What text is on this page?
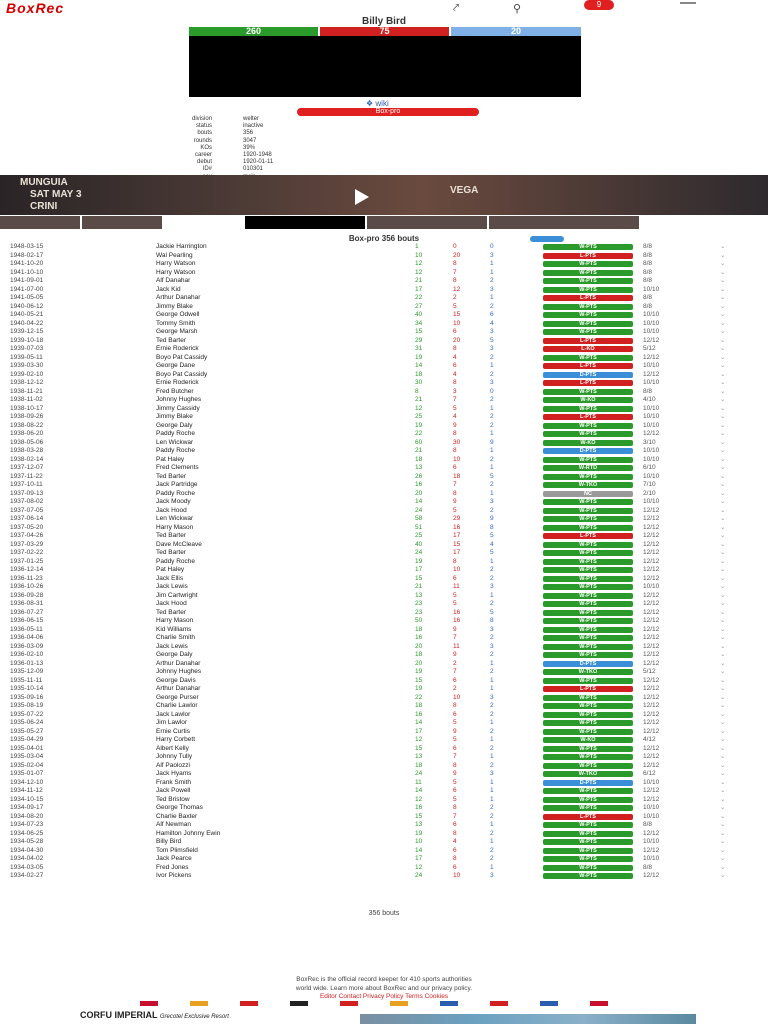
BoxRec	⤤	⚲	9
Billy Bird
260	75	20
❖ wiki
Box-pro
division	welter
status	inactive
bouts	356
rounds	3047
KOs	39%
career	1920-1948
debut	1920-01-11
ID#	010301
MUNGUIA
SAT MAY 3
CRINI
VEGA
Box-pro 356 bouts
1948-03-15	Jackie Harrington	1	0	0	W-PTS	8/8	⌄
1948-02-17	Wal Pearling	10	20	3	L-PTS	8/8	⌄
1941-10-20	Harry Watson	12	8	1	W-PTS	8/8	⌄
1941-10-10	Harry Watson	12	7	1	W-PTS	8/8	⌄
1941-09-01	Alf Danahar	21	8	2	W-PTS	8/8	⌄
1941-07-00	Jack Kid	17	12	3	W-PTS	10/10	⌄
1941-05-05	Arthur Danahar	22	2	1	L-PTS	8/8	⌄
1940-06-12	Jimmy Blake	27	5	2	W-PTS	8/8	⌄
1940-05-21	George Odwell	40	15	6	W-PTS	10/10	⌄
1940-04-22	Tommy Smith	34	10	4	W-PTS	10/10	⌄
1939-12-15	George Marsh	15	6	3	W-PTS	10/10	⌄
1939-10-18	Ted Barter	29	20	5	L-PTS	12/12	⌄
1939-07-03	Ernie Roderick	31	8	3	L-KO	5/12	⌄
1939-05-11	Boyo Pat Cassidy	19	4	2	W-PTS	12/12	⌄
1939-03-30	George Dane	14	6	1	L-PTS	10/10	⌄
1939-02-10	Boyo Pat Cassidy	18	4	2	D-PTS	12/12	⌄
1938-12-12	Ernie Roderick	30	8	3	L-PTS	10/10	⌄
1938-11-21	Fred Butcher	8	3	0	W-PTS	8/8	⌄
1938-11-02	Johnny Hughes	21	7	2	W-KO	4/10	⌄
1938-10-17	Jimmy Cassidy	12	5	1	W-PTS	10/10	⌄
1938-09-26	Jimmy Blake	25	4	2	L-PTS	10/10	⌄
1938-08-22	George Daly	19	9	2	W-PTS	10/10	⌄
1938-06-20	Paddy Roche	22	8	1	W-PTS	12/12	⌄
1938-05-06	Len Wickwar	60	30	9	W-KO	3/10	⌄
1938-03-28	Paddy Roche	21	8	1	D-PTS	10/10	⌄
1938-02-14	Pat Haley	18	10	2	W-PTS	10/10	⌄
1937-12-07	Fred Clements	13	6	1	W-RTD	6/10	⌄
1937-11-22	Ted Barter	26	18	5	W-PTS	10/10	⌄
1937-10-11	Jack Partridge	16	7	2	W-TKO	7/10	⌄
1937-09-13	Paddy Roche	20	8	1	NC	2/10	⌄
1937-08-02	Jack Moody	14	9	3	W-PTS	10/10	⌄
1937-07-05	Jack Hood	24	5	2	W-PTS	12/12	⌄
1937-06-14	Len Wickwar	58	29	9	W-PTS	12/12	⌄
1937-05-20	Harry Mason	51	16	8	W-PTS	12/12	⌄
1937-04-26	Ted Barter	25	17	5	L-PTS	12/12	⌄
1937-03-29	Dave McCleave	40	15	4	W-PTS	12/12	⌄
1937-02-22	Ted Barter	24	17	5	W-PTS	12/12	⌄
1937-01-25	Paddy Roche	19	8	1	W-PTS	12/12	⌄
1936-12-14	Pat Haley	17	10	2	W-PTS	12/12	⌄
1936-11-23	Jack Ellis	15	6	2	W-PTS	12/12	⌄
1936-10-26	Jack Lewis	21	11	3	W-PTS	10/10	⌄
1936-09-28	Jim Cartwright	13	5	1	W-PTS	12/12	⌄
1936-08-31	Jack Hood	23	5	2	W-PTS	12/12	⌄
1936-07-27	Ted Barter	23	16	5	W-PTS	12/12	⌄
1936-06-15	Harry Mason	50	16	8	W-PTS	12/12	⌄
1936-05-11	Kid Williams	18	9	3	W-PTS	12/12	⌄
1936-04-06	Charlie Smith	16	7	2	W-PTS	12/12	⌄
1936-03-09	Jack Lewis	20	11	3	W-PTS	12/12	⌄
1936-02-10	George Daly	18	9	2	W-PTS	12/12	⌄
1936-01-13	Arthur Danahar	20	2	1	D-PTS	12/12	⌄
1935-12-09	Johnny Hughes	19	7	2	W-TKO	5/12	⌄
1935-11-11	George Davis	15	6	1	W-PTS	12/12	⌄
1935-10-14	Arthur Danahar	19	2	1	L-PTS	12/12	⌄
1935-09-16	George Purser	22	10	3	W-PTS	12/12	⌄
1935-08-19	Charlie Lawlor	18	8	2	W-PTS	12/12	⌄
1935-07-22	Jack Lawlor	16	6	2	W-PTS	12/12	⌄
1935-06-24	Jim Lawlor	14	5	1	W-PTS	12/12	⌄
1935-05-27	Ernie Curtis	17	9	2	W-PTS	12/12	⌄
1935-04-29	Harry Corbett	12	5	1	W-KO	4/12	⌄
1935-04-01	Albert Kelly	15	6	2	W-PTS	12/12	⌄
1935-03-04	Johnny Tully	13	7	1	W-PTS	12/12	⌄
1935-02-04	Alf Paolozzi	18	8	2	W-PTS	12/12	⌄
1935-01-07	Jack Hyams	24	9	3	W-TKO	6/12	⌄
1934-12-10	Frank Smith	11	5	1	D-PTS	10/10	⌄
1934-11-12	Jack Powell	14	6	1	W-PTS	12/12	⌄
1934-10-15	Ted Bristow	12	5	1	W-PTS	12/12	⌄
1934-09-17	George Thomas	16	8	2	W-PTS	10/10	⌄
1934-08-20	Charlie Baxter	15	7	2	L-PTS	10/10	⌄
1934-07-23	Alf Newman	13	6	1	W-PTS	8/8	⌄
1934-06-25	Hamilton Johnny Ewin	19	8	2	W-PTS	12/12	⌄
1934-05-28	Billy Bird	10	4	1	W-PTS	10/10	⌄
1934-04-30	Tom Plimsfield	14	6	2	W-PTS	12/12	⌄
1934-04-02	Jack Pearce	17	8	2	W-PTS	10/10	⌄
1934-03-05	Fred Jones	12	6	1	W-PTS	8/8	⌄
1934-02-27	Ivor Pickens	24	10	3	W-PTS	12/12	⌄
356 bouts
BoxRec is the official record keeper for 410 sports authorities
world wide. Learn more about BoxRec and our privacy policy.
Editor Contact Privacy Policy Terms Cookies
CORFU IMPERIAL Grecotel Exclusive Resort
